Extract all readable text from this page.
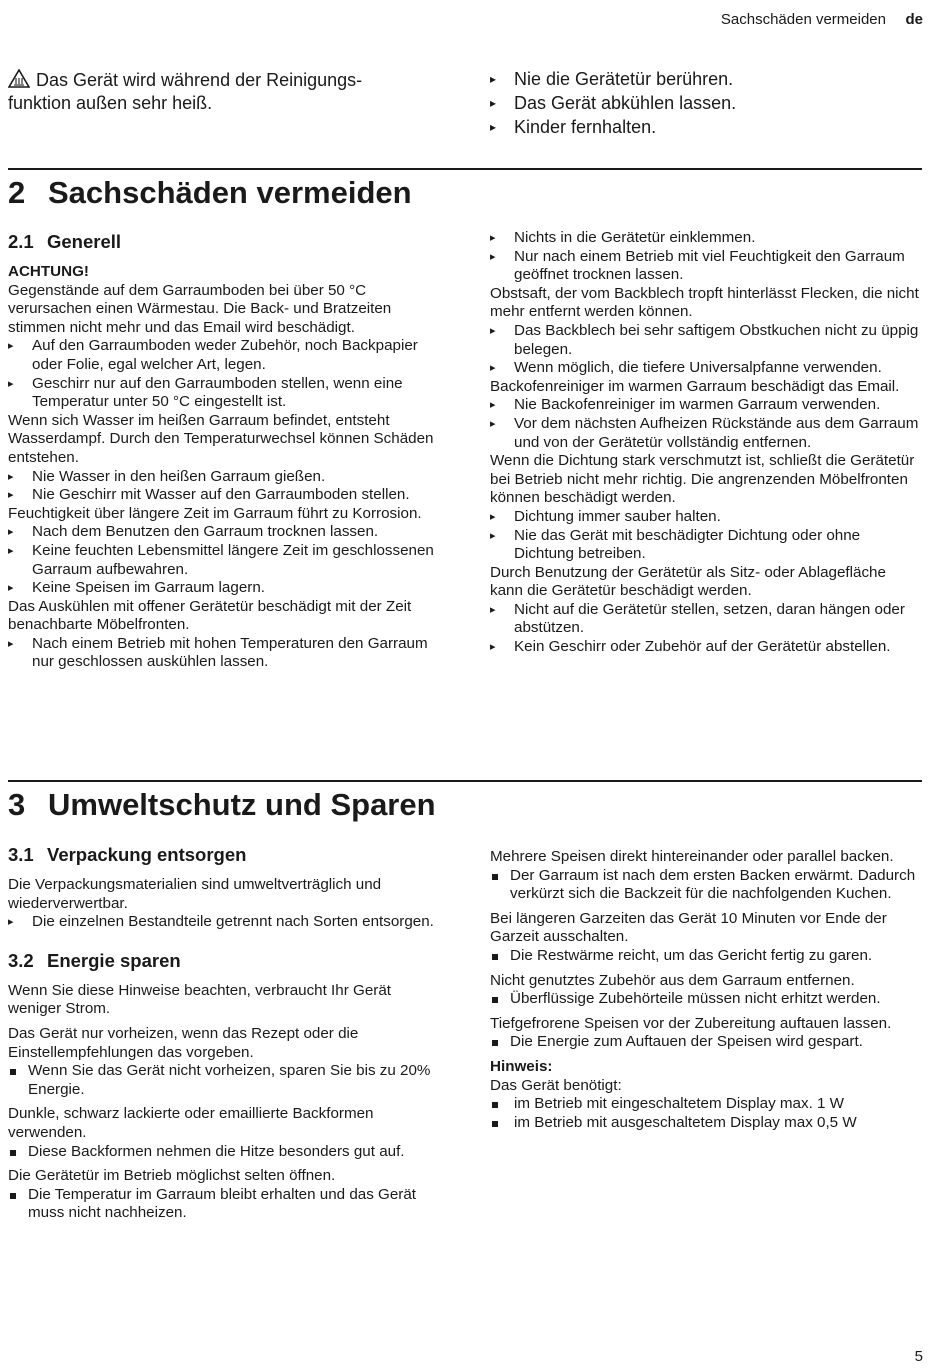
Sachschäden vermeiden de
Das Gerät wird während der Reinigungs-
funktion außen sehr heiß.
▸ Nie die Gerätetür berühren.
▸ Das Gerät abkühlen lassen.
▸ Kinder fernhalten.
2 Sachschäden vermeiden
2.1 Generell

ACHTUNG!

Gegenstände auf dem Garraumboden bei über 50 °C verursachen einen Wärmestau. Die Back- und Bratzeiten stimmen nicht mehr und das Email wird beschädigt.

▸ Auf den Garraumboden weder Zubehör, noch Backpapier oder Folie, egal welcher Art, legen.
▸ Geschirr nur auf den Garraumboden stellen, wenn eine Temperatur unter 50 °C eingestellt ist.

Wenn sich Wasser im heißen Garraum befindet, entsteht Wasserdampf. Durch den Temperaturwechsel können Schäden entstehen.

▸ Nie Wasser in den heißen Garraum gießen.
▸ Nie Geschirr mit Wasser auf den Garraumboden stellen.

Feuchtigkeit über längere Zeit im Garraum führt zu Korrosion.

▸ Nach dem Benutzen den Garraum trocknen lassen.
▸ Keine feuchten Lebensmittel längere Zeit im geschlossenen Garraum aufbewahren.
▸ Keine Speisen im Garraum lagern.

Das Auskühlen mit offener Gerätetür beschädigt mit der Zeit benachbarte Möbelfronten.

▸ Nach einem Betrieb mit hohen Temperaturen den Garraum nur geschlossen auskühlen lassen.
▸ Nichts in die Gerätetür einklemmen.
▸ Nur nach einem Betrieb mit viel Feuchtigkeit den Garraum geöffnet trocknen lassen.

Obstsaft, der vom Backblech tropft hinterlässt Flecken, die nicht mehr entfernt werden können.

▸ Das Backblech bei sehr saftigem Obstkuchen nicht zu üppig belegen.
▸ Wenn möglich, die tiefere Universalpfanne verwenden.

Backofenreiniger im warmen Garraum beschädigt das Email.

▸ Nie Backofenreiniger im warmen Garraum verwenden.
▸ Vor dem nächsten Aufheizen Rückstände aus dem Garraum und von der Gerätetür vollständig entfernen.

Wenn die Dichtung stark verschmutzt ist, schließt die Gerätetür bei Betrieb nicht mehr richtig. Die angrenzenden Möbelfronten können beschädigt werden.

▸ Dichtung immer sauber halten.
▸ Nie das Gerät mit beschädigter Dichtung oder ohne Dichtung betreiben.

Durch Benutzung der Gerätetür als Sitz- oder Ablagefläche kann die Gerätetür beschädigt werden.

▸ Nicht auf die Gerätetür stellen, setzen, daran hängen oder abstützen.
▸ Kein Geschirr oder Zubehör auf der Gerätetür abstellen.
3 Umweltschutz und Sparen
3.1 Verpackung entsorgen

Die Verpackungsmaterialien sind umweltverträglich und wiederverwertbar.

▸ Die einzelnen Bestandteile getrennt nach Sorten entsorgen.
3.2 Energie sparen

Wenn Sie diese Hinweise beachten, verbraucht Ihr Gerät weniger Strom.

Das Gerät nur vorheizen, wenn das Rezept oder die Einstellempfehlungen das vorgeben.

Wenn Sie das Gerät nicht vorheizen, sparen Sie bis zu 20% Energie.

Dunkle, schwarz lackierte oder emaillierte Backformen verwenden.

Diese Backformen nehmen die Hitze besonders gut auf.

Die Gerätetür im Betrieb möglichst selten öffnen.

Die Temperatur im Garraum bleibt erhalten und das Gerät muss nicht nachheizen.

Mehrere Speisen direkt hintereinander oder parallel backen.

Der Garraum ist nach dem ersten Backen erwärmt. Dadurch verkürzt sich die Backzeit für die nachfolgenden Kuchen.

Bei längeren Garzeiten das Gerät 10 Minuten vor Ende der Garzeit ausschalten.

Die Restwärme reicht, um das Gericht fertig zu garen.

Nicht genutztes Zubehör aus dem Garraum entfernen.

Überflüssige Zubehörteile müssen nicht erhitzt werden.

Tiefgefrorene Speisen vor der Zubereitung auftauen lassen.

Die Energie zum Auftauen der Speisen wird gespart.

Hinweis:

Das Gerät benötigt:

im Betrieb mit eingeschaltetem Display max. 1 W
im Betrieb mit ausgeschaltetem Display max 0,5 W
5
